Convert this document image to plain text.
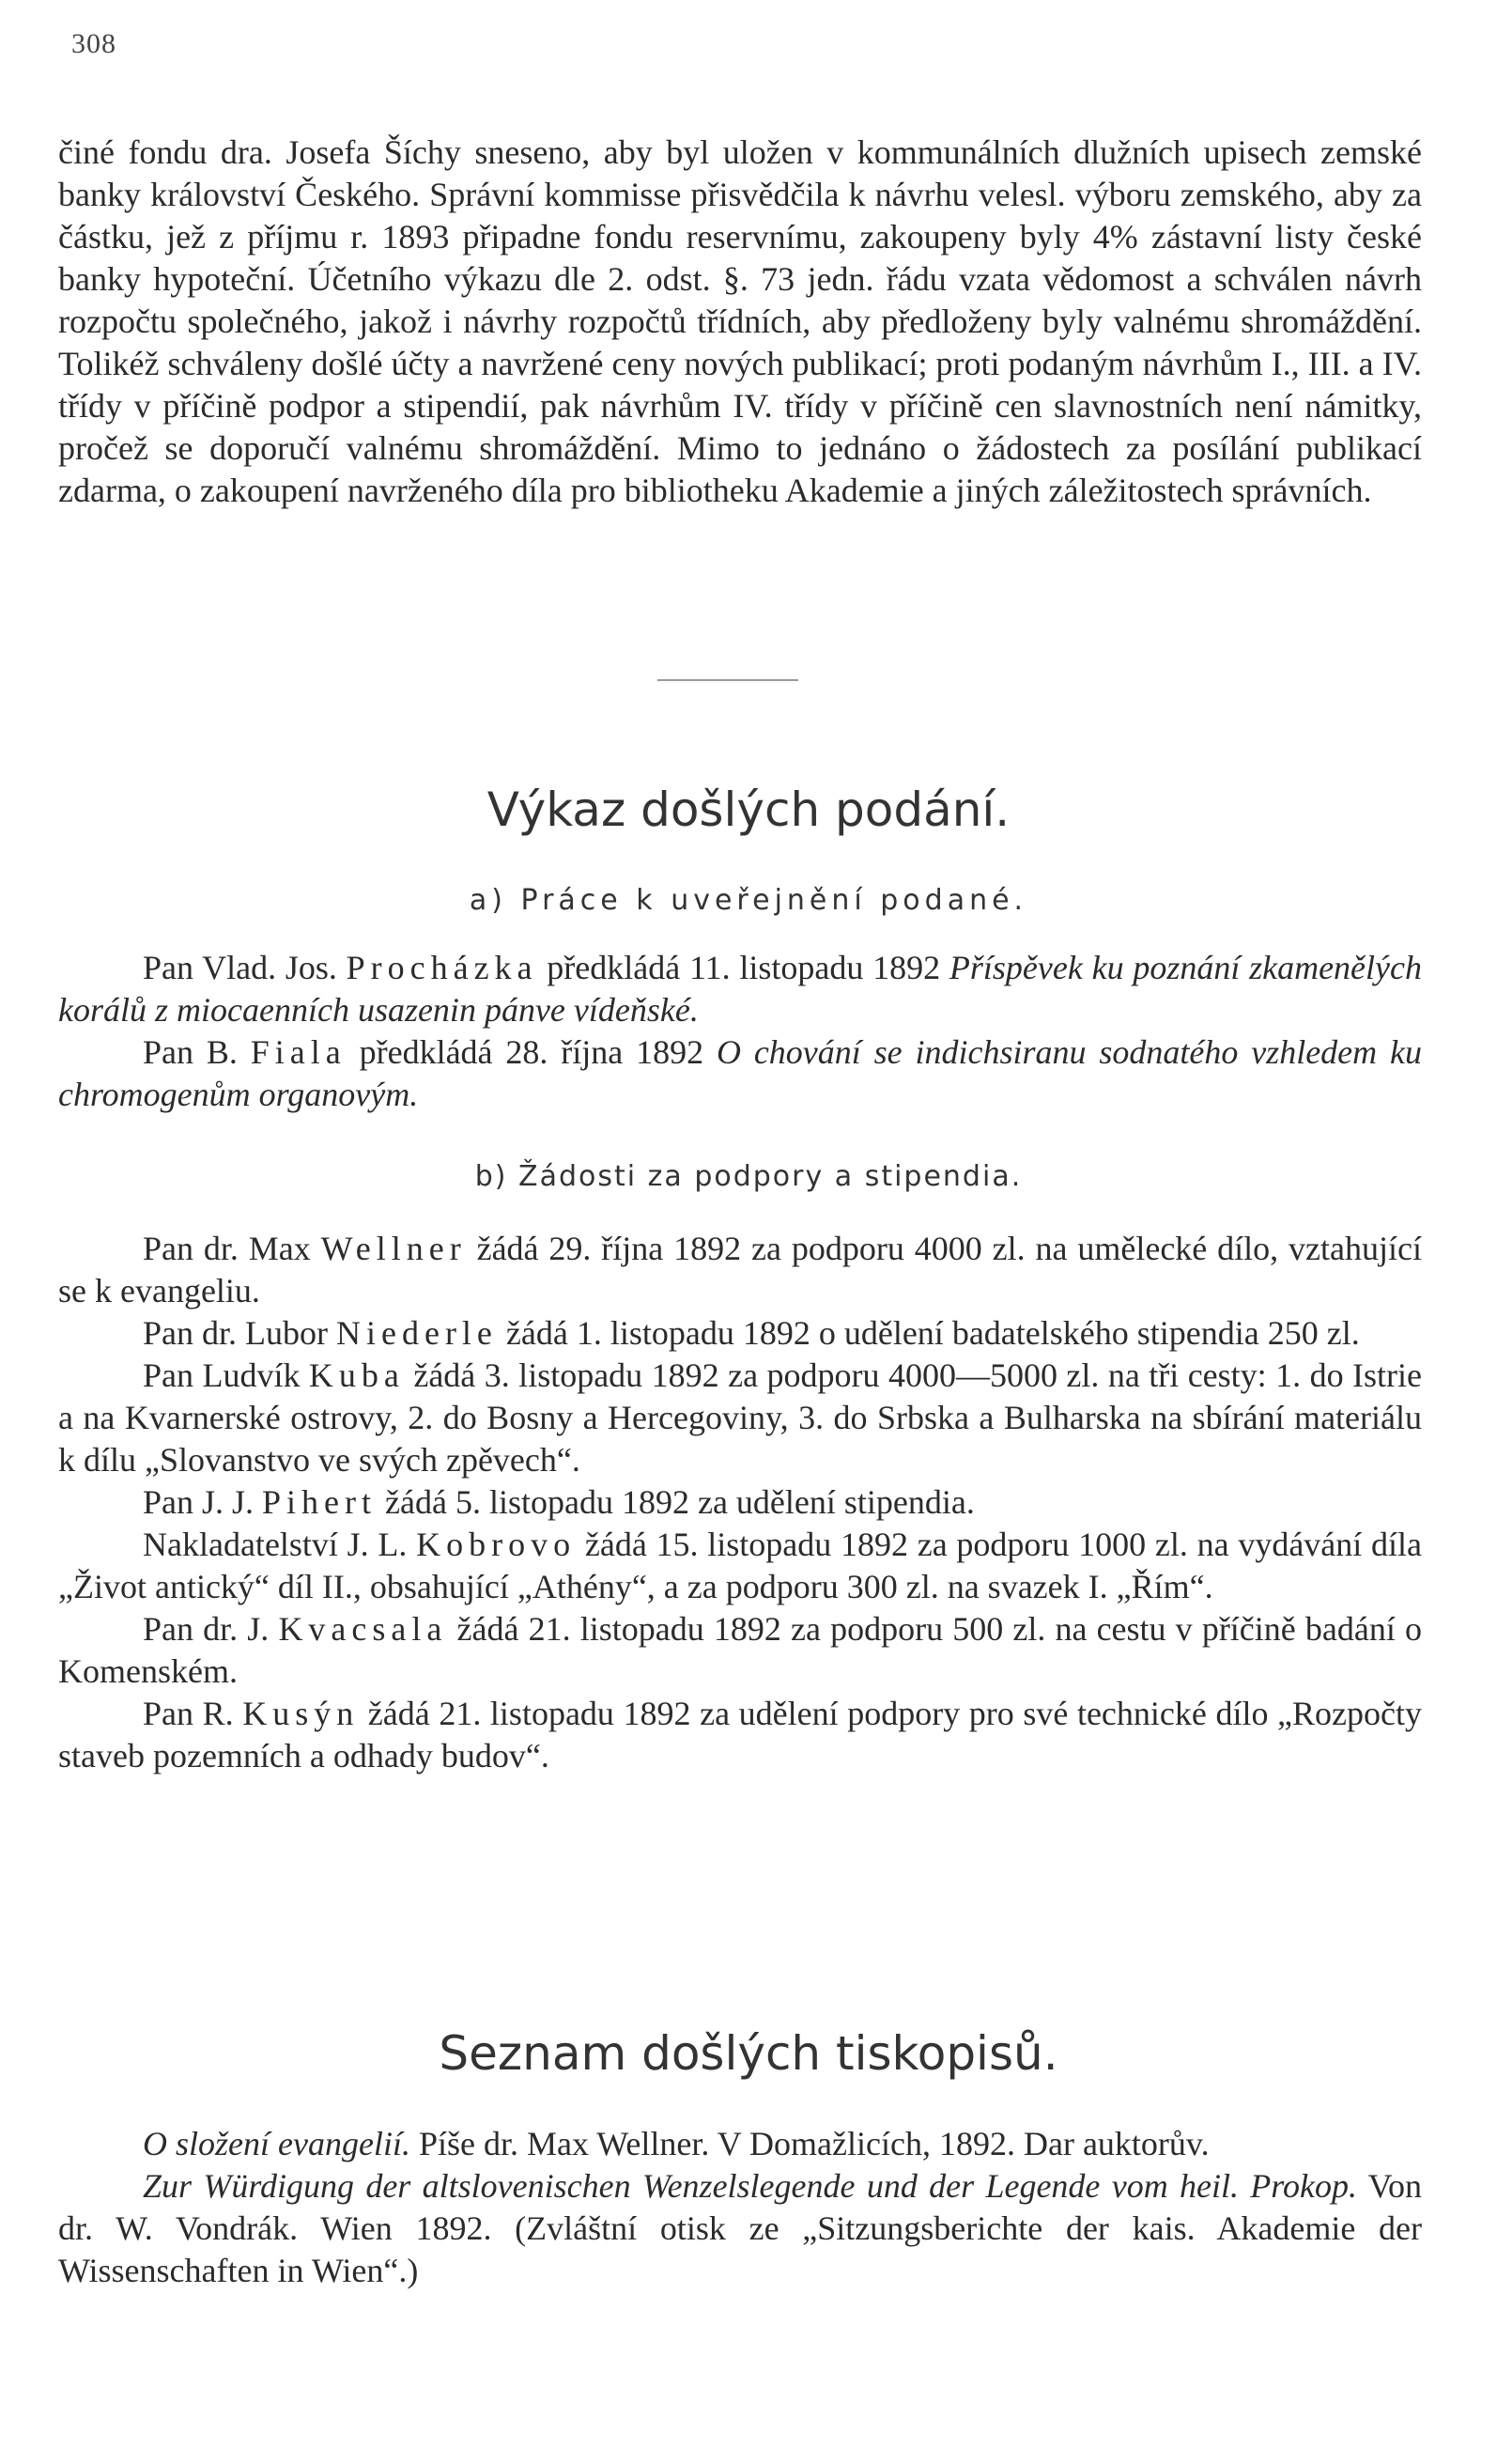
308

činé fondu dra. Josefa Šíchy sneseno, aby byl uložen v kommunálních dlužních upisech zemské banky království Českého. Správní kommisse přisvědčila k návrhu velesl. výboru zemského, aby za částku, jež z příjmu r. 1893 připadne fondu reservnímu, zakoupeny byly 4% zástavní listy české banky hypoteční. Účetního výkazu dle 2. odst. §. 73 jedn. řádu vzata vědomost a schválen návrh rozpočtu společného, jakož i návrhy rozpočtů třídních, aby předloženy byly valnému shromáždění. Tolikéž schváleny došlé účty a navržené ceny nových publikací; proti podaným návrhům I., III. a IV. třídy v příčině podpor a stipendií, pak návrhům IV. třídy v příčině cen slavnostních není námitky, pročež se doporučí valnému shromáždění. Mimo to jednáno o žádostech za posílání publikací zdarma, o zakoupení navrženého díla pro bibliotheku Akademie a jiných záležitostech správních.

Výkaz došlých podání.
a) Práce k uveřejnění podané.

Pan Vlad. Jos. Procházka předkládá 11. listopadu 1892 Příspěvek ku poznání zkamenělých korálů z miocaenních usazenin pánve vídeňské.

Pan B. Fiala předkládá 28. října 1892 O chování se indichsiranu sodnatého vzhledem ku chromogenům organovým.

b) Žádosti za podpory a stipendia.

Pan dr. Max Wellner žádá 29. října 1892 za podporu 4000 zl. na umělecké dílo, vztahující se k evangeliu.

Pan dr. Lubor Niederle žádá 1. listopadu 1892 o udělení badatelského stipendia 250 zl.

Pan Ludvík Kuba žádá 3. listopadu 1892 za podporu 4000—5000 zl. na tři cesty: 1. do Istrie a na Kvarnerské ostrovy, 2. do Bosny a Hercegoviny, 3. do Srbska a Bulharska na sbírání materiálu k dílu „Slovanstvo ve svých zpěvech“.

Pan J. J. Pihert žádá 5. listopadu 1892 za udělení stipendia.

Nakladatelství J. L. Kobrovo žádá 15. listopadu 1892 za podporu 1000 zl. na vydávání díla „Život antický“ díl II., obsahující „Athény“, a za podporu 300 zl. na svazek I. „Řím“.

Pan dr. J. Kvacsala žádá 21. listopadu 1892 za podporu 500 zl. na cestu v příčině badání o Komenském.

Pan R. Kusýn žádá 21. listopadu 1892 za udělení podpory pro své technické dílo „Rozpočty staveb pozemních a odhady budov“.

Seznam došlých tiskopisů.

O složení evangelií. Píše dr. Max Wellner. V Domažlicích, 1892. Dar auktorův.

Zur Würdigung der altslovenischen Wenzelslegende und der Legende vom heil. Prokop. Von dr. W. Vondrák. Wien 1892. (Zvláštní otisk ze „Sitzungsberichte der kais. Akademie der Wissenschaften in Wien“.)
